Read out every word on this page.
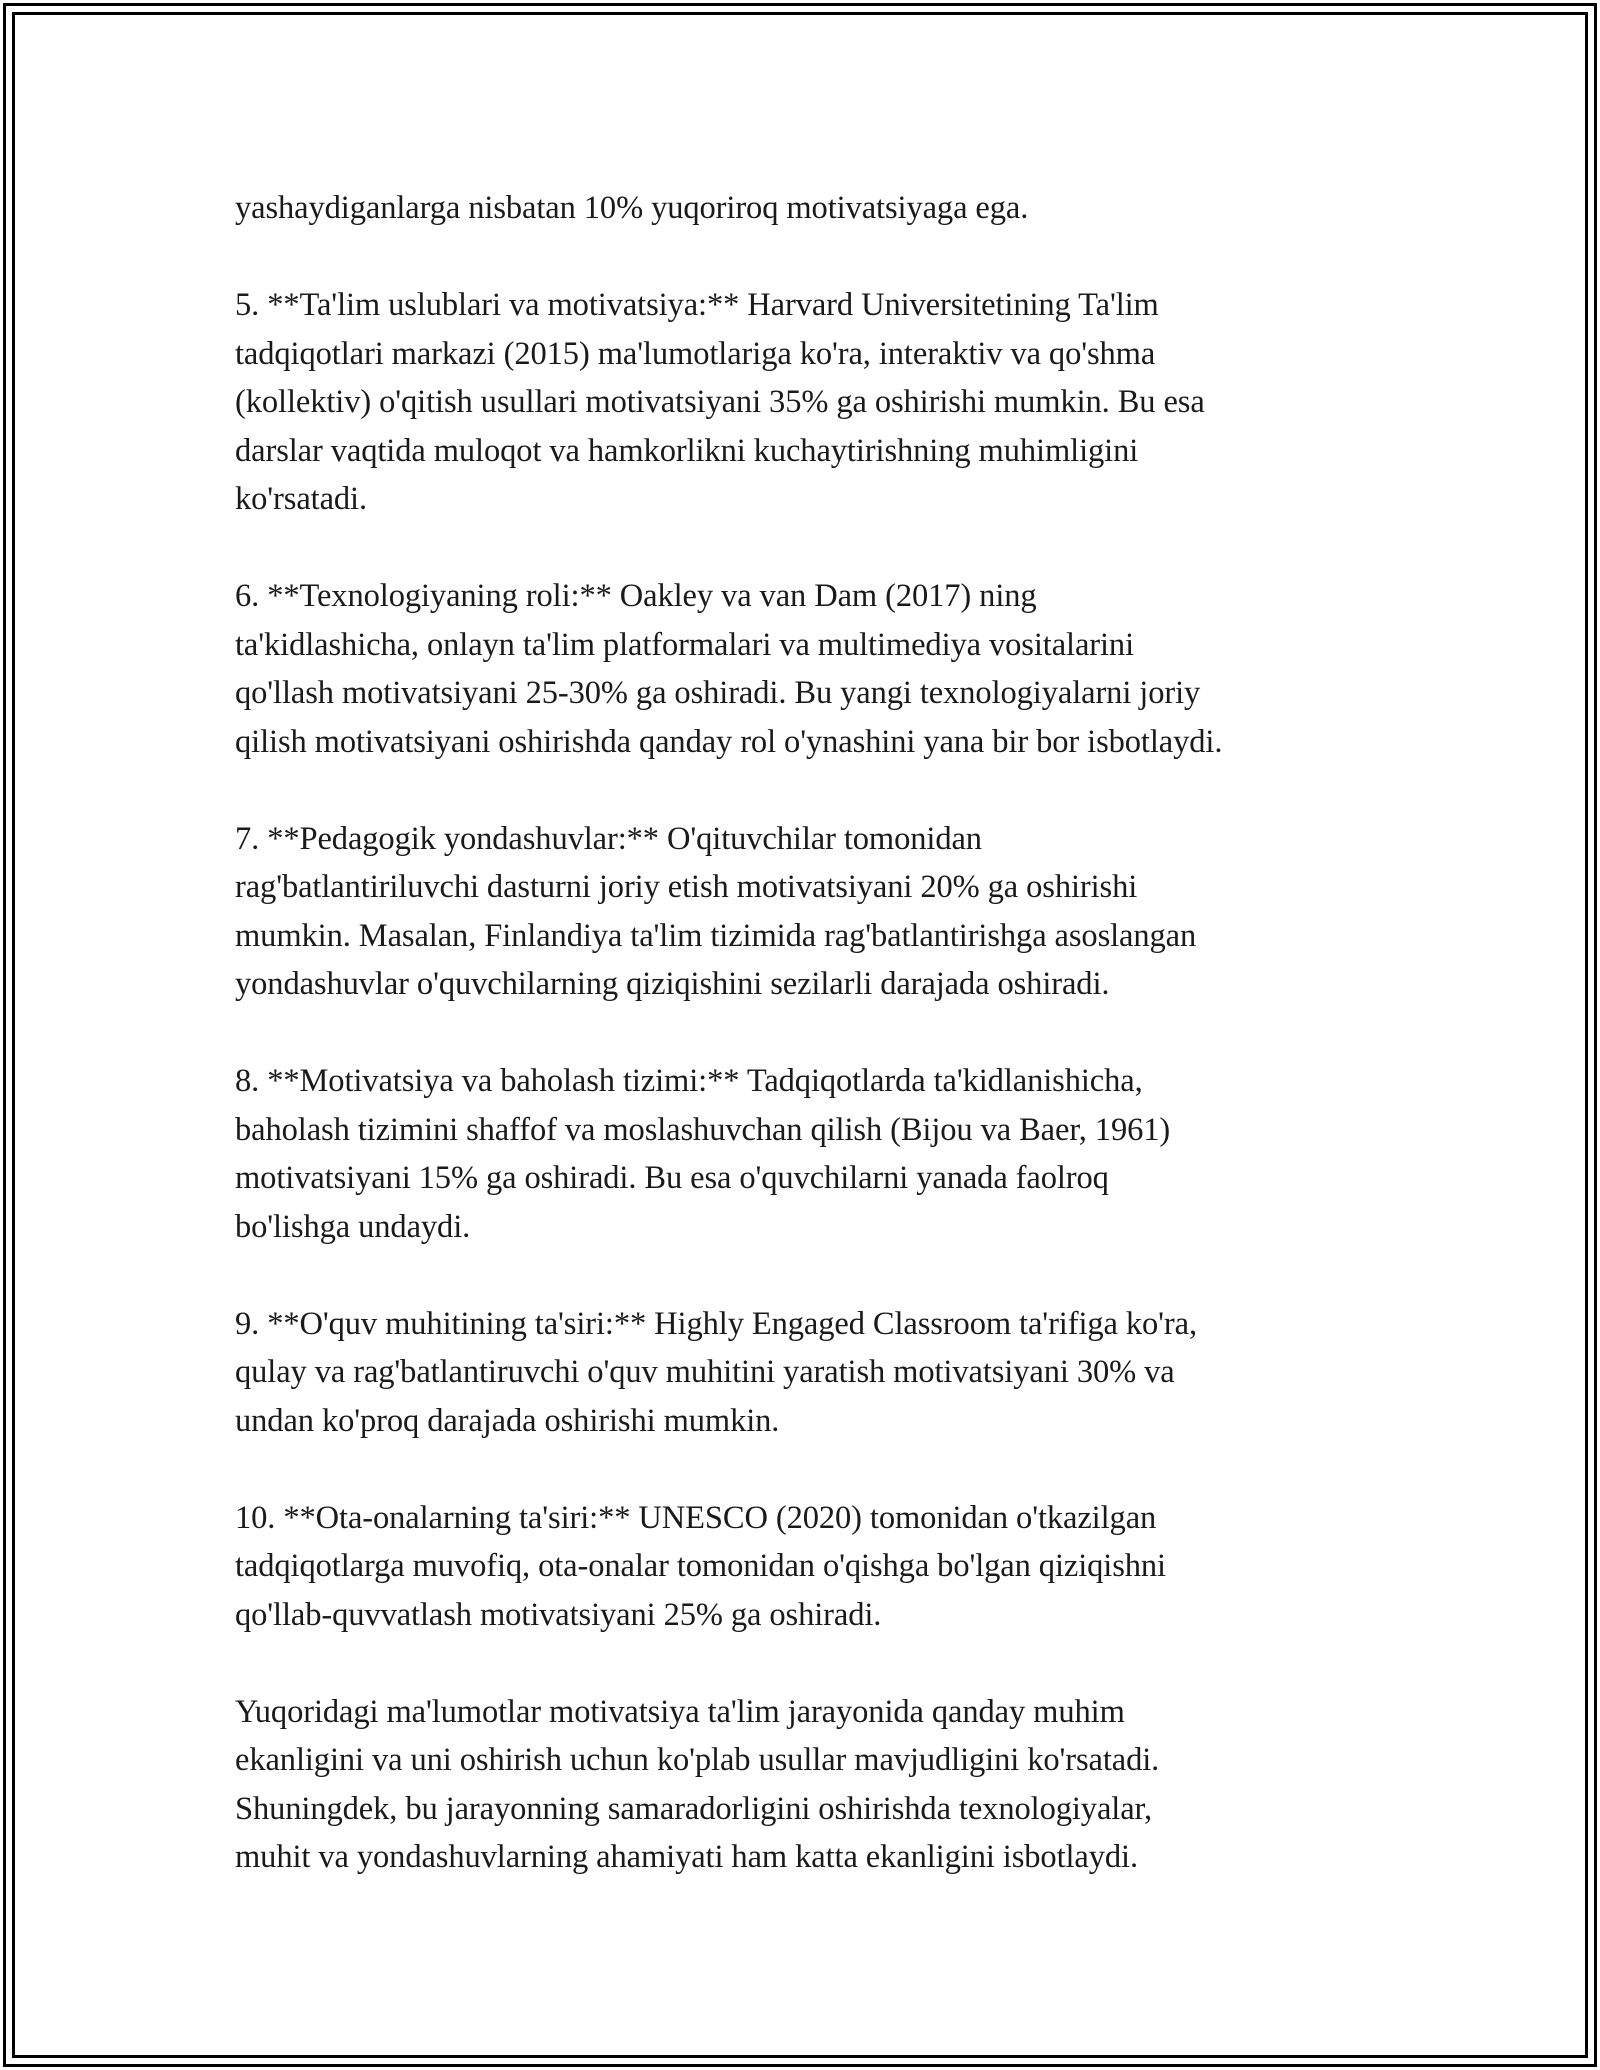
yashaydiganlarga nisbatan 10% yuqoriroq motivatsiyaga ega.

5. **Ta'lim uslublari va motivatsiya:** Harvard Universitetining Ta'lim
tadqiqotlari markazi (2015) ma'lumotlariga ko'ra, interaktiv va qo'shma
(kollektiv) o'qitish usullari motivatsiyani 35% ga oshirishi mumkin. Bu esa
darslar vaqtida muloqot va hamkorlikni kuchaytirishning muhimligini
ko'rsatadi.

6. **Texnologiyaning roli:** Oakley va van Dam (2017) ning
ta'kidlashicha, onlayn ta'lim platformalari va multimediya vositalarini
qo'llash motivatsiyani 25-30% ga oshiradi. Bu yangi texnologiyalarni joriy
qilish motivatsiyani oshirishda qanday rol o'ynashini yana bir bor isbotlaydi.

7. **Pedagogik yondashuvlar:** O'qituvchilar tomonidan
rag'batlantiriluvchi dasturni joriy etish motivatsiyani 20% ga oshirishi
mumkin. Masalan, Finlandiya ta'lim tizimida rag'batlantirishga asoslangan
yondashuvlar o'quvchilarning qiziqishini sezilarli darajada oshiradi.

8. **Motivatsiya va baholash tizimi:** Tadqiqotlarda ta'kidlanishicha,
baholash tizimini shaffof va moslashuvchan qilish (Bijou va Baer, 1961)
motivatsiyani 15% ga oshiradi. Bu esa o'quvchilarni yanada faolroq
bo'lishga undaydi.

9. **O'quv muhitining ta'siri:** Highly Engaged Classroom ta'rifiga ko'ra,
qulay va rag'batlantiruvchi o'quv muhitini yaratish motivatsiyani 30% va
undan ko'proq darajada oshirishi mumkin.

10. **Ota-onalarning ta'siri:** UNESCO (2020) tomonidan o'tkazilgan
tadqiqotlarga muvofiq, ota-onalar tomonidan o'qishga bo'lgan qiziqishni
qo'llab-quvvatlash motivatsiyani 25% ga oshiradi.

Yuqoridagi ma'lumotlar motivatsiya ta'lim jarayonida qanday muhim
ekanligini va uni oshirish uchun ko'plab usullar mavjudligini ko'rsatadi.
Shuningdek, bu jarayonning samaradorligini oshirishda texnologiyalar,
muhit va yondashuvlarning ahamiyati ham katta ekanligini isbotlaydi.
